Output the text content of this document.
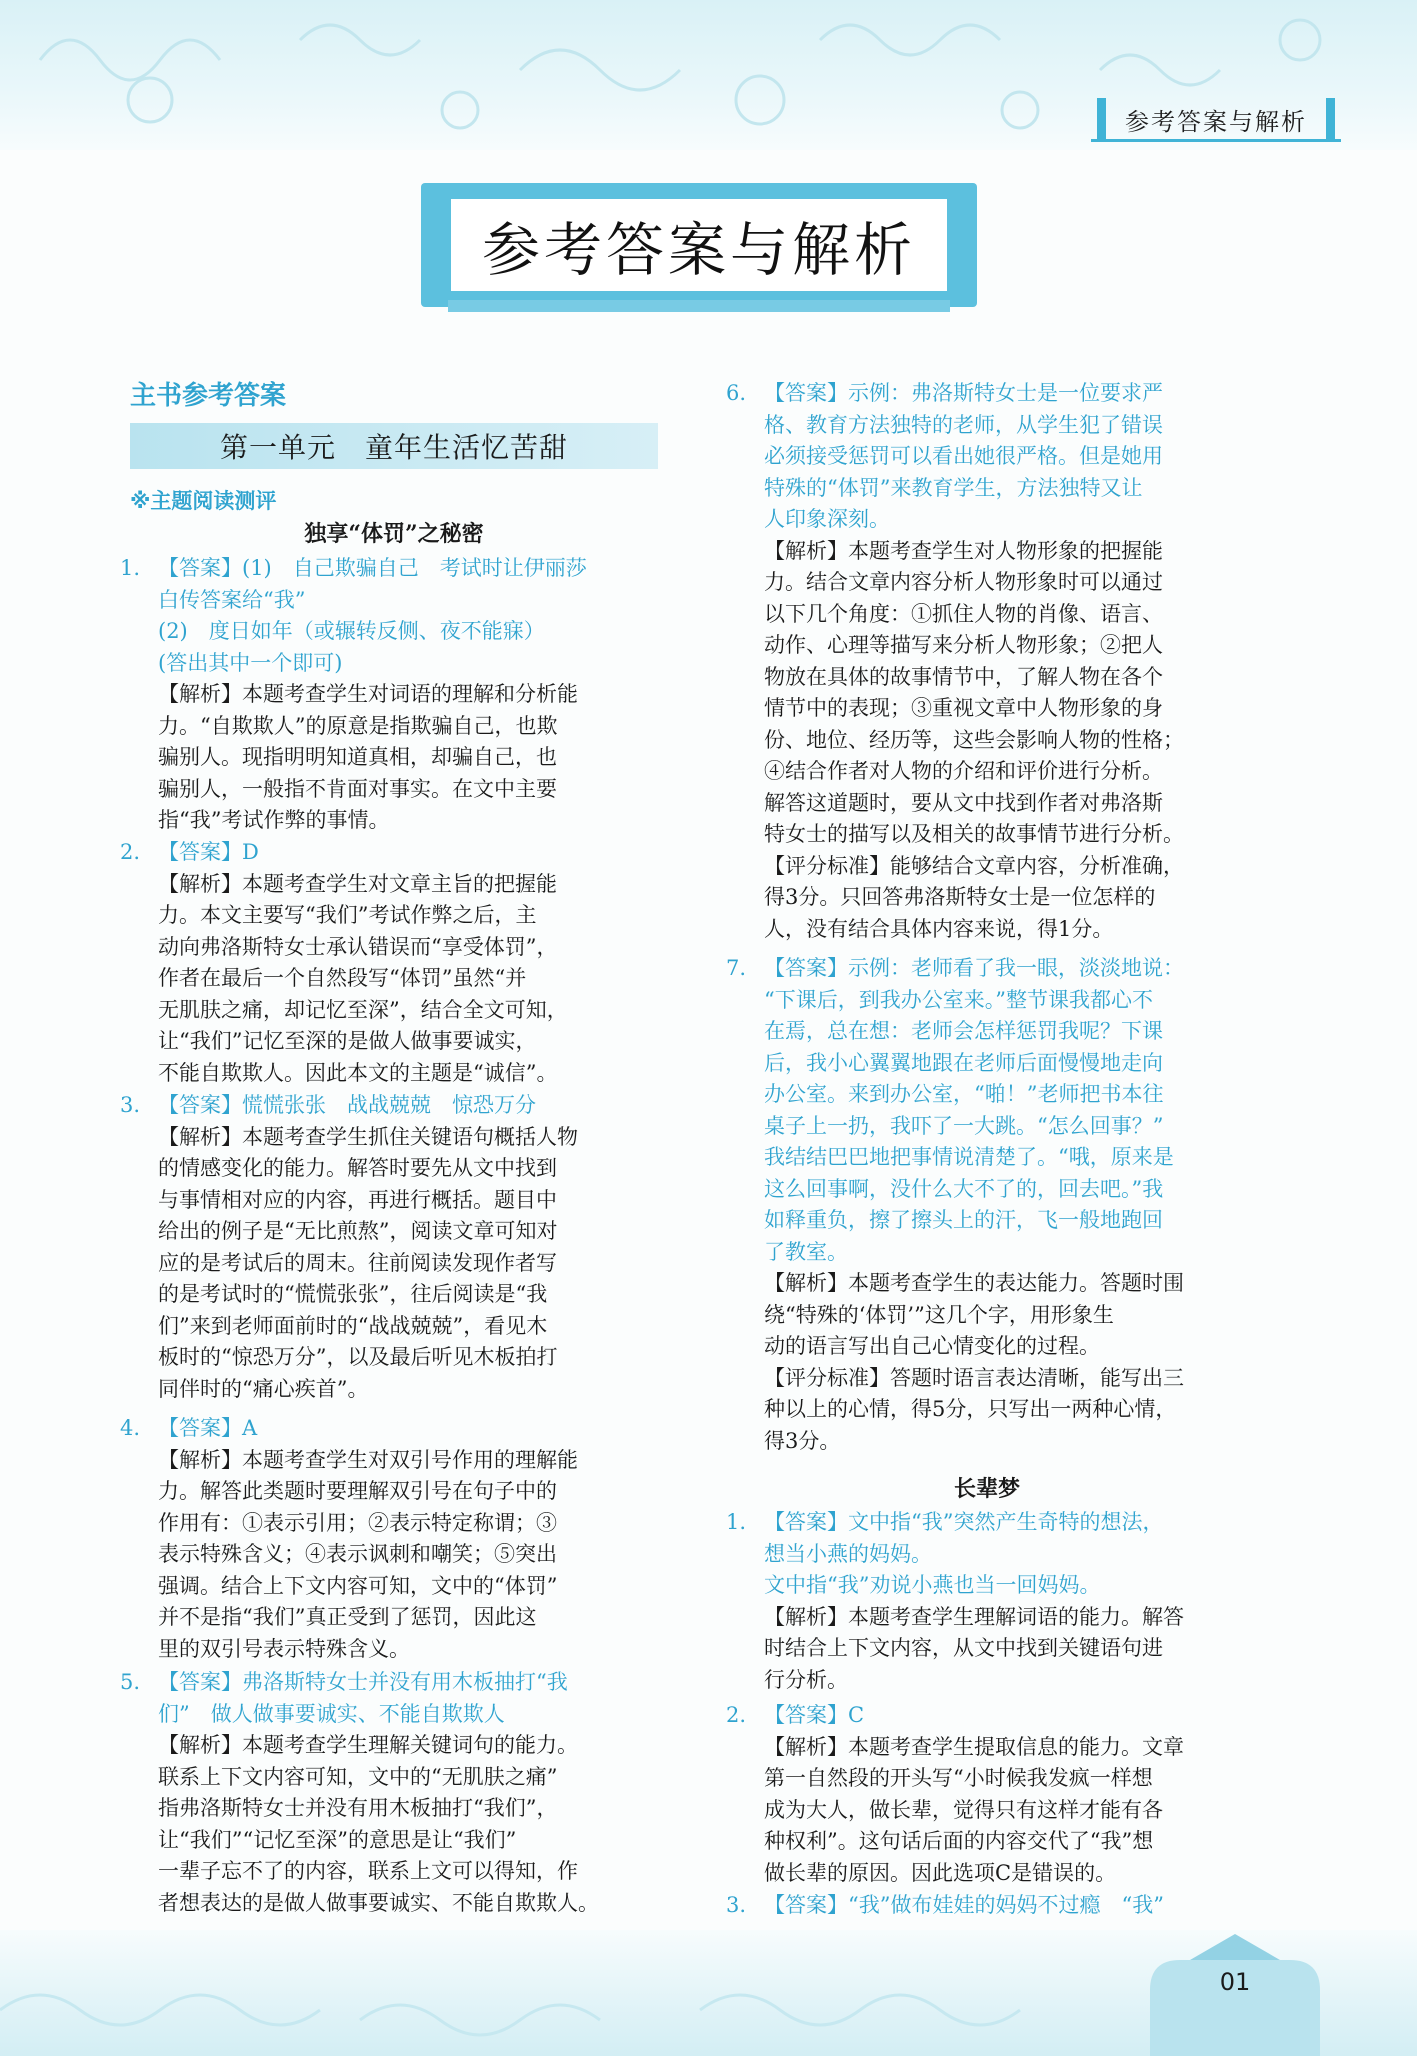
参考答案与解析
参考答案与解析
主书参考答案
第一单元　童年生活忆苦甜
※主题阅读测评
独享“体罚”之秘密
长辈梦
1. 【答案】(1)　自己欺骗自己　考试时让伊丽莎
白传答案给“我”
(2)　度日如年（或辗转反侧、夜不能寐）
(答出其中一个即可)
【解析】本题考查学生对词语的理解和分析能
力。“自欺欺人”的原意是指欺骗自己，也欺
骗别人。现指明明知道真相，却骗自己，也
骗别人，一般指不肯面对事实。在文中主要
指“我”考试作弊的事情。
2. 【答案】D
【解析】本题考查学生对文章主旨的把握能
力。本文主要写“我们”考试作弊之后，主
动向弗洛斯特女士承认错误而“享受体罚”，
作者在最后一个自然段写“体罚”虽然“并
无肌肤之痛，却记忆至深”，结合全文可知，
让“我们”记忆至深的是做人做事要诚实，
不能自欺欺人。因此本文的主题是“诚信”。
3. 【答案】慌慌张张　战战兢兢　惊恐万分
【解析】本题考查学生抓住关键语句概括人物
的情感变化的能力。解答时要先从文中找到
与事情相对应的内容，再进行概括。题目中
给出的例子是“无比煎熬”，阅读文章可知对
应的是考试后的周末。往前阅读发现作者写
的是考试时的“慌慌张张”，往后阅读是“我
们”来到老师面前时的“战战兢兢”，看见木
板时的“惊恐万分”，以及最后听见木板拍打
同伴时的“痛心疾首”。
4. 【答案】A
【解析】本题考查学生对双引号作用的理解能
力。解答此类题时要理解双引号在句子中的
作用有：①表示引用；②表示特定称谓；③
表示特殊含义；④表示讽刺和嘲笑；⑤突出
强调。结合上下文内容可知，文中的“体罚”
并不是指“我们”真正受到了惩罚，因此这
里的双引号表示特殊含义。
5. 【答案】弗洛斯特女士并没有用木板抽打“我
们”　做人做事要诚实、不能自欺欺人
【解析】本题考查学生理解关键词句的能力。
联系上下文内容可知，文中的“无肌肤之痛”
指弗洛斯特女士并没有用木板抽打“我们”，
让“我们”“记忆至深”的意思是让“我们”
一辈子忘不了的内容，联系上文可以得知，作
者想表达的是做人做事要诚实、不能自欺欺人。
6. 【答案】示例：弗洛斯特女士是一位要求严
格、教育方法独特的老师，从学生犯了错误
必须接受惩罚可以看出她很严格。但是她用
特殊的“体罚”来教育学生，方法独特又让
人印象深刻。
【解析】本题考查学生对人物形象的把握能
力。结合文章内容分析人物形象时可以通过
以下几个角度：①抓住人物的肖像、语言、
动作、心理等描写来分析人物形象；②把人
物放在具体的故事情节中，了解人物在各个
情节中的表现；③重视文章中人物形象的身
份、地位、经历等，这些会影响人物的性格；
④结合作者对人物的介绍和评价进行分析。
解答这道题时，要从文中找到作者对弗洛斯
特女士的描写以及相关的故事情节进行分析。
【评分标准】能够结合文章内容，分析准确，
得3分。只回答弗洛斯特女士是一位怎样的
人，没有结合具体内容来说，得1分。
7. 【答案】示例：老师看了我一眼，淡淡地说：
“下课后，到我办公室来。”整节课我都心不
在焉，总在想：老师会怎样惩罚我呢？下课
后，我小心翼翼地跟在老师后面慢慢地走向
办公室。来到办公室，“啪！”老师把书本往
桌子上一扔，我吓了一大跳。“怎么回事？”
我结结巴巴地把事情说清楚了。“哦，原来是
这么回事啊，没什么大不了的，回去吧。”我
如释重负，擦了擦头上的汗，飞一般地跑回
了教室。
【解析】本题考查学生的表达能力。答题时围
绕“特殊的‘体罚’”这几个字，用形象生
动的语言写出自己心情变化的过程。
【评分标准】答题时语言表达清晰，能写出三
种以上的心情，得5分，只写出一两种心情，
得3分。
1. 【答案】文中指“我”突然产生奇特的想法，
想当小燕的妈妈。
文中指“我”劝说小燕也当一回妈妈。
【解析】本题考查学生理解词语的能力。解答
时结合上下文内容，从文中找到关键语句进
行分析。
2. 【答案】C
【解析】本题考查学生提取信息的能力。文章
第一自然段的开头写“小时候我发疯一样想
成为大人，做长辈，觉得只有这样才能有各
种权利”。这句话后面的内容交代了“我”想
做长辈的原因。因此选项C是错误的。
3. 【答案】“我”做布娃娃的妈妈不过瘾　“我”
01
